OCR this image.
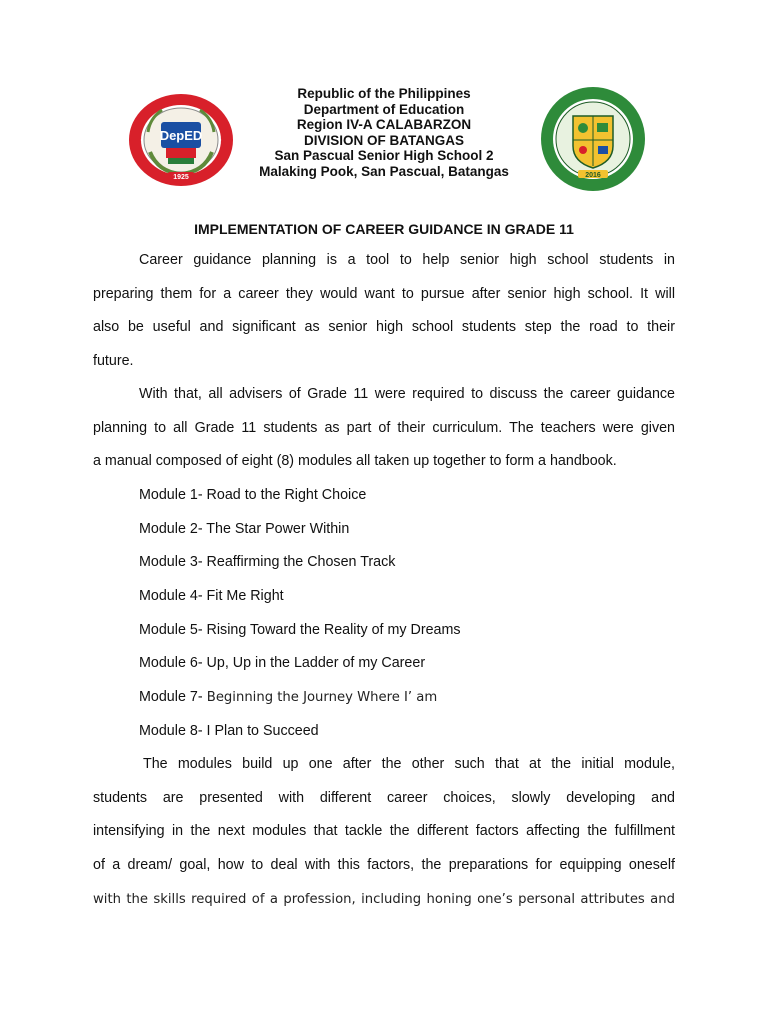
DepED
1925
Republic of the Philippines
Department of Education
Region IV-A CALABARZON
DIVISION OF BATANGAS
San Pascual Senior High School 2
Malaking Pook, San Pascual, Batangas	2016
IMPLEMENTATION OF CAREER GUIDANCE IN GRADE 11
Career guidance planning is a tool to help senior high school students in
preparing them for a career they would want to pursue after senior high school. It will
also be useful and significant as senior high school students step the road to their
future.
With that, all advisers of Grade 11 were required to discuss the career guidance
planning to all Grade 11 students as part of their curriculum. The teachers were given
a manual composed of eight (8) modules all taken up together to form a handbook.
Module 1- Road to the Right Choice
Module 2- The Star Power Within
Module 3- Reaffirming the Chosen Track
Module 4- Fit Me Right
Module 5- Rising Toward the Reality of my Dreams
Module 6- Up, Up in the Ladder of my Career
Module 7- Beginning the Journey Where I’ am
Module 8- I Plan to Succeed
The modules build up one after the other such that at the initial module,
students are presented with different career choices, slowly developing and
intensifying in the next modules that tackle the different factors affecting the fulfillment
of a dream/ goal, how to deal with this factors, the preparations for equipping oneself
with the skills required of a profession, including honing one’s personal attributes and
